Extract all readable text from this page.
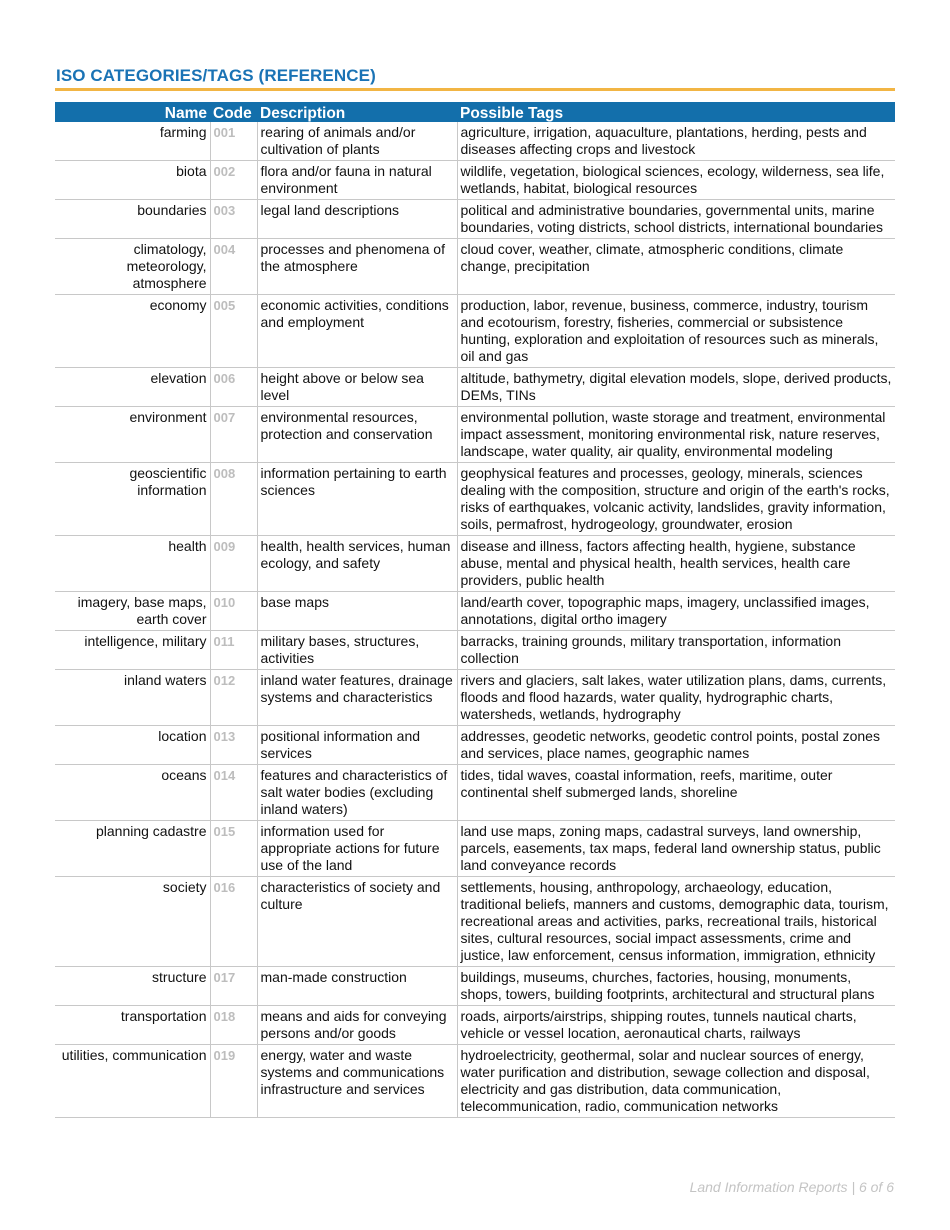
ISO CATEGORIES/TAGS (REFERENCE)
Name	Code	Description	Possible Tags
farming	001	rearing of animals and/or cultivation of plants	agriculture, irrigation, aquaculture, plantations, herding, pests and diseases affecting crops and livestock
biota	002	flora and/or fauna in natural environment	wildlife, vegetation, biological sciences, ecology, wilderness, sea life, wetlands, habitat, biological resources
boundaries	003	legal land descriptions	political and administrative boundaries, governmental units, marine boundaries, voting districts, school districts, international boundaries
climatology, meteorology, atmosphere	004	processes and phenomena of the atmosphere	cloud cover, weather, climate, atmospheric conditions, climate change, precipitation
economy	005	economic activities, conditions and employment	production, labor, revenue, business, commerce, industry, tourism and ecotourism, forestry, fisheries, commercial or subsistence hunting, exploration and exploitation of resources such as minerals, oil and gas
elevation	006	height above or below sea level	altitude, bathymetry, digital elevation models, slope, derived products, DEMs, TINs
environment	007	environmental resources, protection and conservation	environmental pollution, waste storage and treatment, environmental impact assessment, monitoring environmental risk, nature reserves, landscape, water quality, air quality, environmental modeling
geoscientific information	008	information pertaining to earth sciences	geophysical features and processes, geology, minerals, sciences dealing with the composition, structure and origin of the earth's rocks, risks of earthquakes, volcanic activity, landslides, gravity information, soils, permafrost, hydrogeology, groundwater, erosion
health	009	health, health services, human ecology, and safety	disease and illness, factors affecting health, hygiene, substance abuse, mental and physical health, health services, health care providers, public health
imagery, base maps, earth cover	010	base maps	land/earth cover, topographic maps, imagery, unclassified images, annotations, digital ortho imagery
intelligence, military	011	military bases, structures, activities	barracks, training grounds, military transportation, information collection
inland waters	012	inland water features, drainage systems and characteristics	rivers and glaciers, salt lakes, water utilization plans, dams, currents, floods and flood hazards, water quality, hydrographic charts, watersheds, wetlands, hydrography
location	013	positional information and services	addresses, geodetic networks, geodetic control points, postal zones and services, place names, geographic names
oceans	014	features and characteristics of salt water bodies (excluding inland waters)	tides, tidal waves, coastal information, reefs, maritime, outer continental shelf submerged lands, shoreline
planning cadastre	015	information used for appropriate actions for future use of the land	land use maps, zoning maps, cadastral surveys, land ownership, parcels, easements, tax maps, federal land ownership status, public land conveyance records
society	016	characteristics of society and culture	settlements, housing, anthropology, archaeology, education, traditional beliefs, manners and customs, demographic data, tourism, recreational areas and activities, parks, recreational trails, historical sites, cultural resources, social impact assessments, crime and justice, law enforcement, census information, immigration, ethnicity
structure	017	man-made construction	buildings, museums, churches, factories, housing, monuments, shops, towers, building footprints, architectural and structural plans
transportation	018	means and aids for conveying persons and/or goods	roads, airports/airstrips, shipping routes, tunnels nautical charts, vehicle or vessel location, aeronautical charts, railways
utilities, communication	019	energy, water and waste systems and communications infrastructure and services	hydroelectricity, geothermal, solar and nuclear sources of energy, water purification and distribution, sewage collection and disposal, electricity and gas distribution, data communication, telecommunication, radio, communication networks
Land Information Reports | 6 of 6
